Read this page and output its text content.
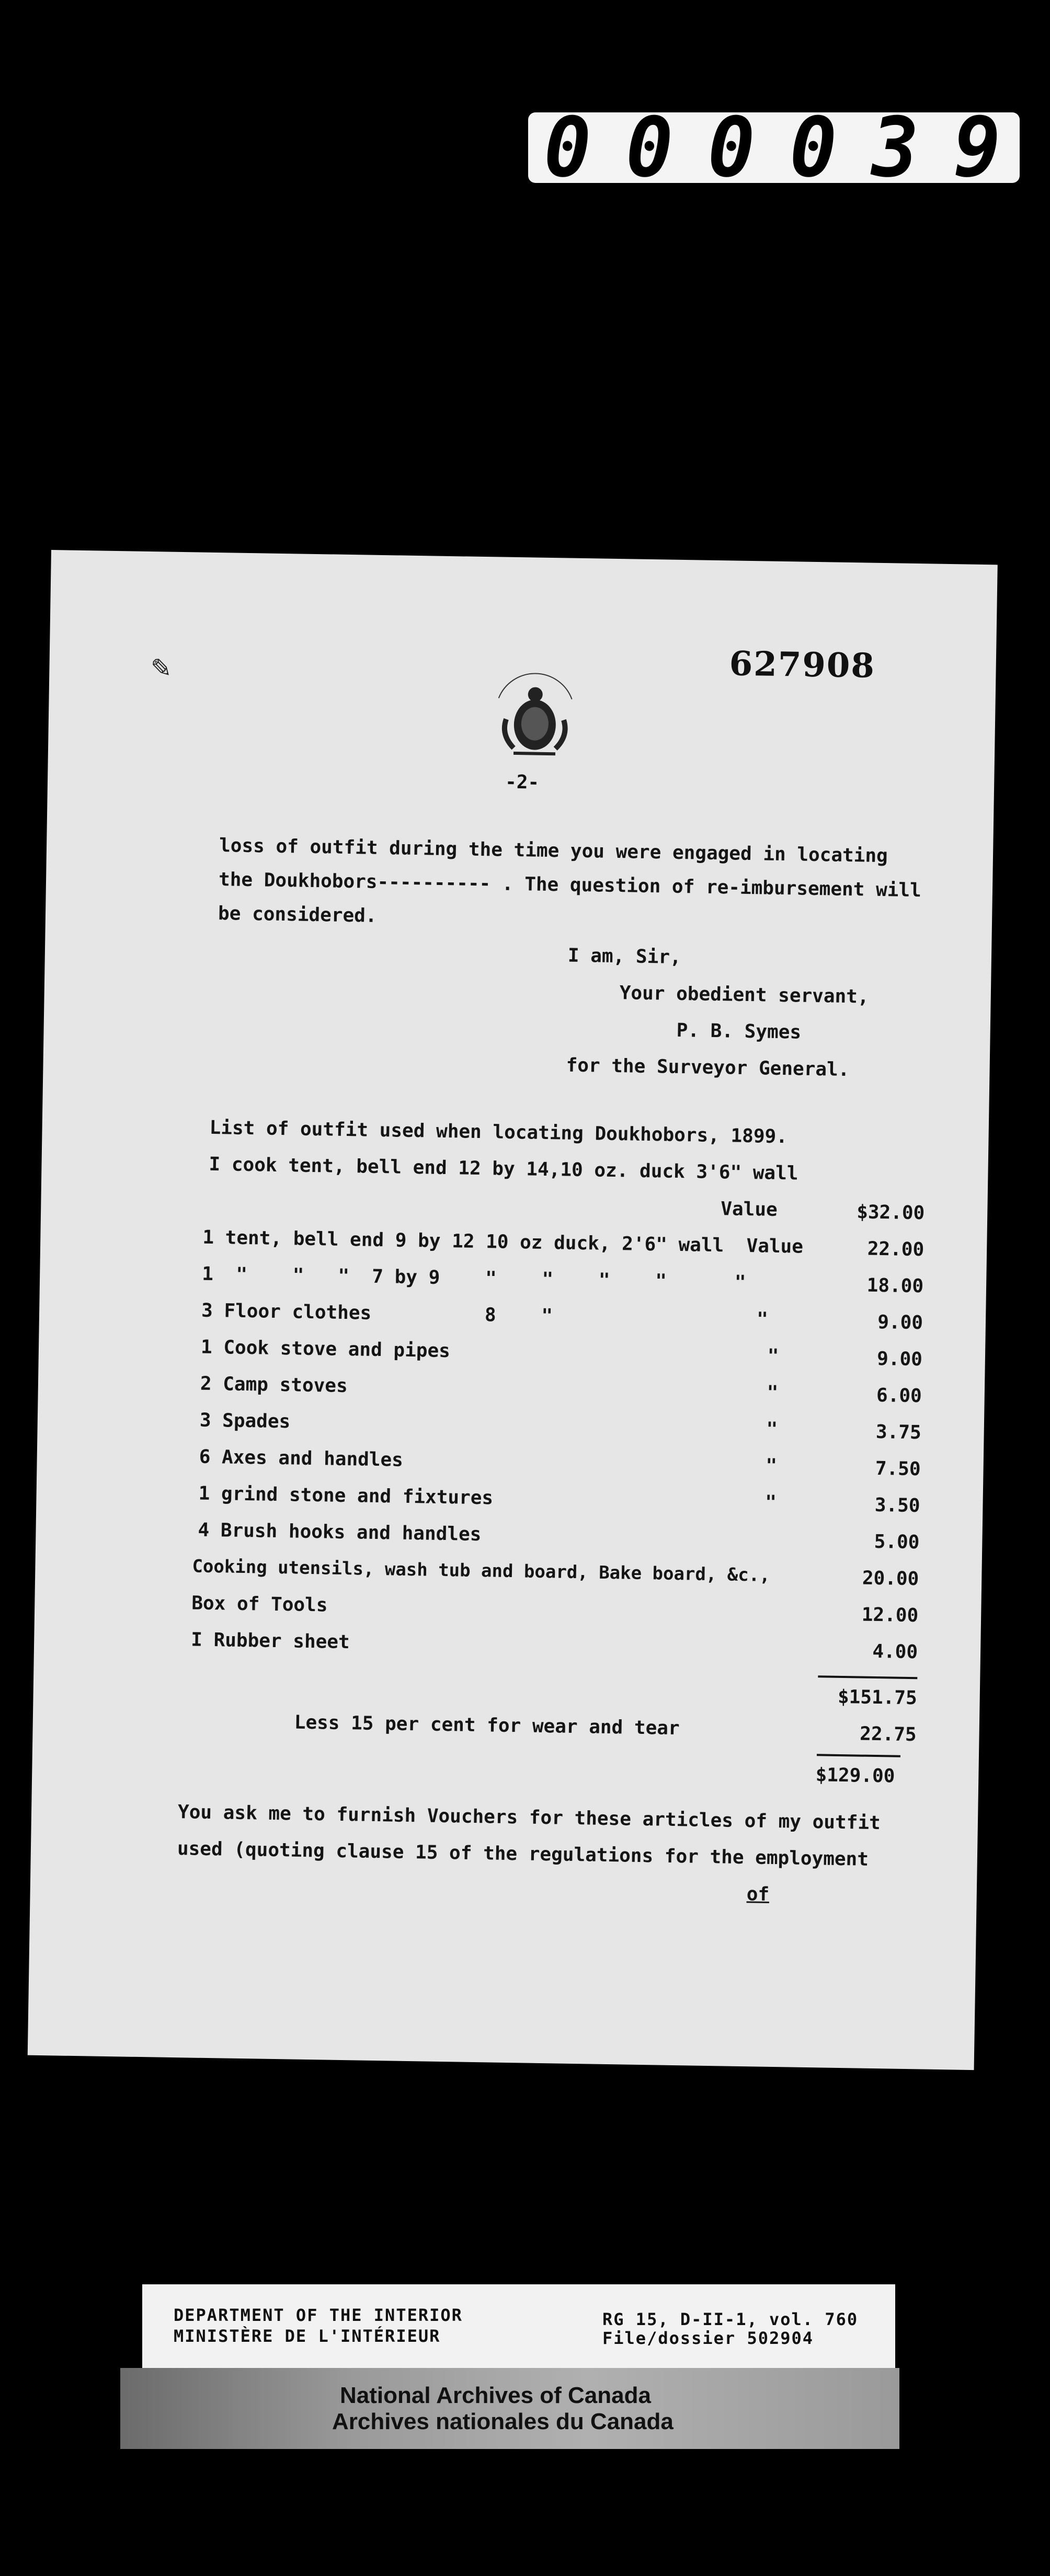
0 0 0 0 3 9
✎	627908
-2-
loss of outfit during the time you were engaged in locating
the Doukhobors---------- . The question of re-imbursement will
be considered.
I am, Sir,
Your obedient servant,
P. B. Symes
for the Surveyor General.
List of outfit used when locating Doukhobors, 1899.
I cook tent, bell end 12 by 14,10 oz. duck 3'6" wall
Value	$32.00
1 tent, bell end 9 by 12 10 oz duck, 2'6" wall  Value	22.00
1  "    "   "  7 by 9    "    "    "    "      "	18.00
3 Floor clothes          8    "                  "	9.00
1 Cook stove and pipes                            "	9.00
2 Camp stoves                                     "	6.00
3 Spades                                          "	3.75
6 Axes and handles                                "	7.50
1 grind stone and fixtures                        "	3.50
4 Brush hooks and handles	5.00
Cooking utensils, wash tub and board, Bake board, &c.,	20.00
Box of Tools	12.00
I Rubber sheet	4.00
$151.75
Less 15 per cent for wear and tear	22.75
$129.00
You ask me to furnish Vouchers for these articles of my outfit
used (quoting clause 15 of the regulations for the employment
of
DEPARTMENT OF THE INTERIOR
MINISTÈRE DE L'INTÉRIEUR
RG 15, D-II-1, vol. 760
File/dossier 502904
National Archives of Canada
Archives nationales du Canada
